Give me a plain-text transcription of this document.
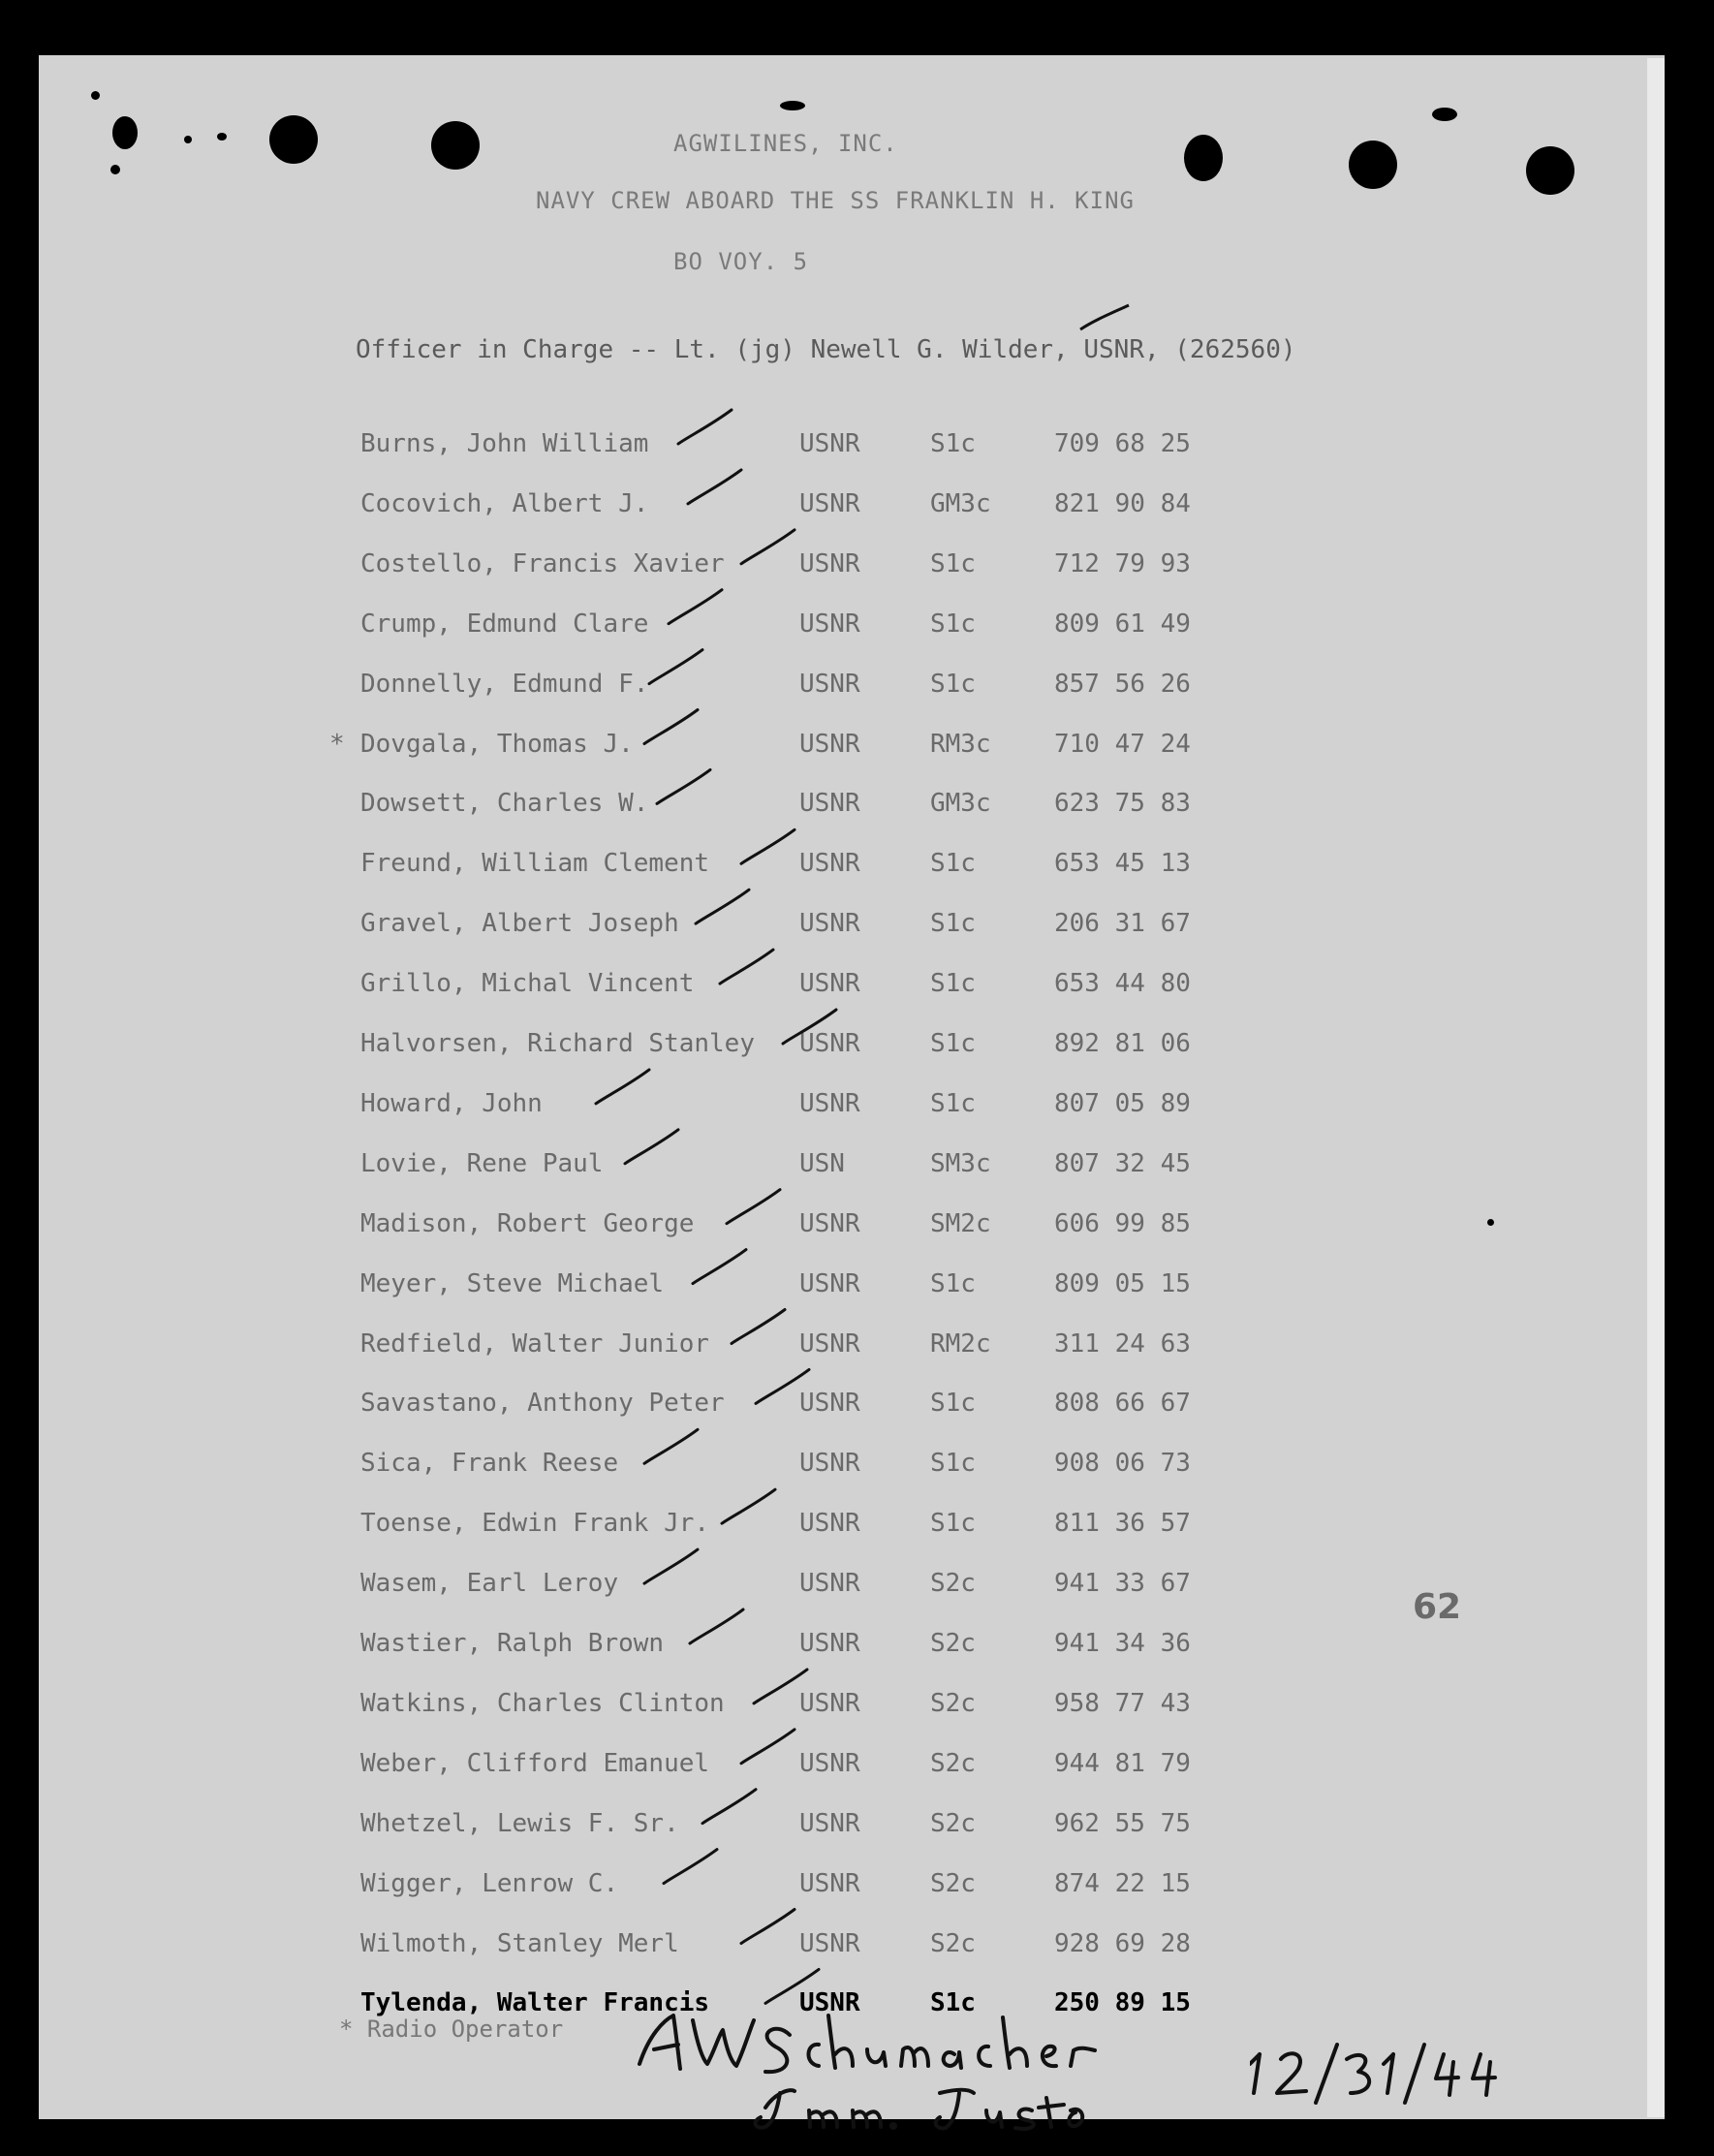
AGWILINES, INC.
NAVY CREW ABOARD THE SS FRANKLIN H. KING
BO VOY. 5
Officer in Charge -- Lt. (jg) Newell G. Wilder, USNR, (262560)
Burns, John William	USNR	S1c	709 68 25
Cocovich, Albert J.	USNR	GM3c	821 90 84
Costello, Francis Xavier	USNR	S1c	712 79 93
Crump, Edmund Clare	USNR	S1c	809 61 49
Donnelly, Edmund F.	USNR	S1c	857 56 26
* Dovgala, Thomas J.	USNR	RM3c	710 47 24
Dowsett, Charles W.	USNR	GM3c	623 75 83
Freund, William Clement	USNR	S1c	653 45 13
Gravel, Albert Joseph	USNR	S1c	206 31 67
Grillo, Michal Vincent	USNR	S1c	653 44 80
Halvorsen, Richard Stanley USNR	S1c	892 81 06
Howard, John	USNR	S1c	807 05 89
Lovie, Rene Paul	USN	SM3c	807 32 45
Madison, Robert George	USNR	SM2c	606 99 85
Meyer, Steve Michael	USNR	S1c	809 05 15
Redfield, Walter Junior	USNR	RM2c	311 24 63
Savastano, Anthony Peter	USNR	S1c	808 66 67
Sica, Frank Reese	USNR	S1c	908 06 73
Toense, Edwin Frank Jr.	USNR	S1c	811 36 57
Wasem, Earl Leroy	USNR	S2c	941 33 67
Wastier, Ralph Brown	USNR	S2c	941 34 36
Watkins, Charles Clinton	USNR	S2c	958 77 43
Weber, Clifford Emanuel	USNR	S2c	944 81 79
Whetzel, Lewis F. Sr.	USNR	S2c	962 55 75
Wigger, Lenrow C.	USNR	S2c	874 22 15
Wilmoth, Stanley Merl	USNR	S2c	928 69 28
Tylenda, Walter Francis	USNR	S1c	250 89 15
* Radio Operator
62
